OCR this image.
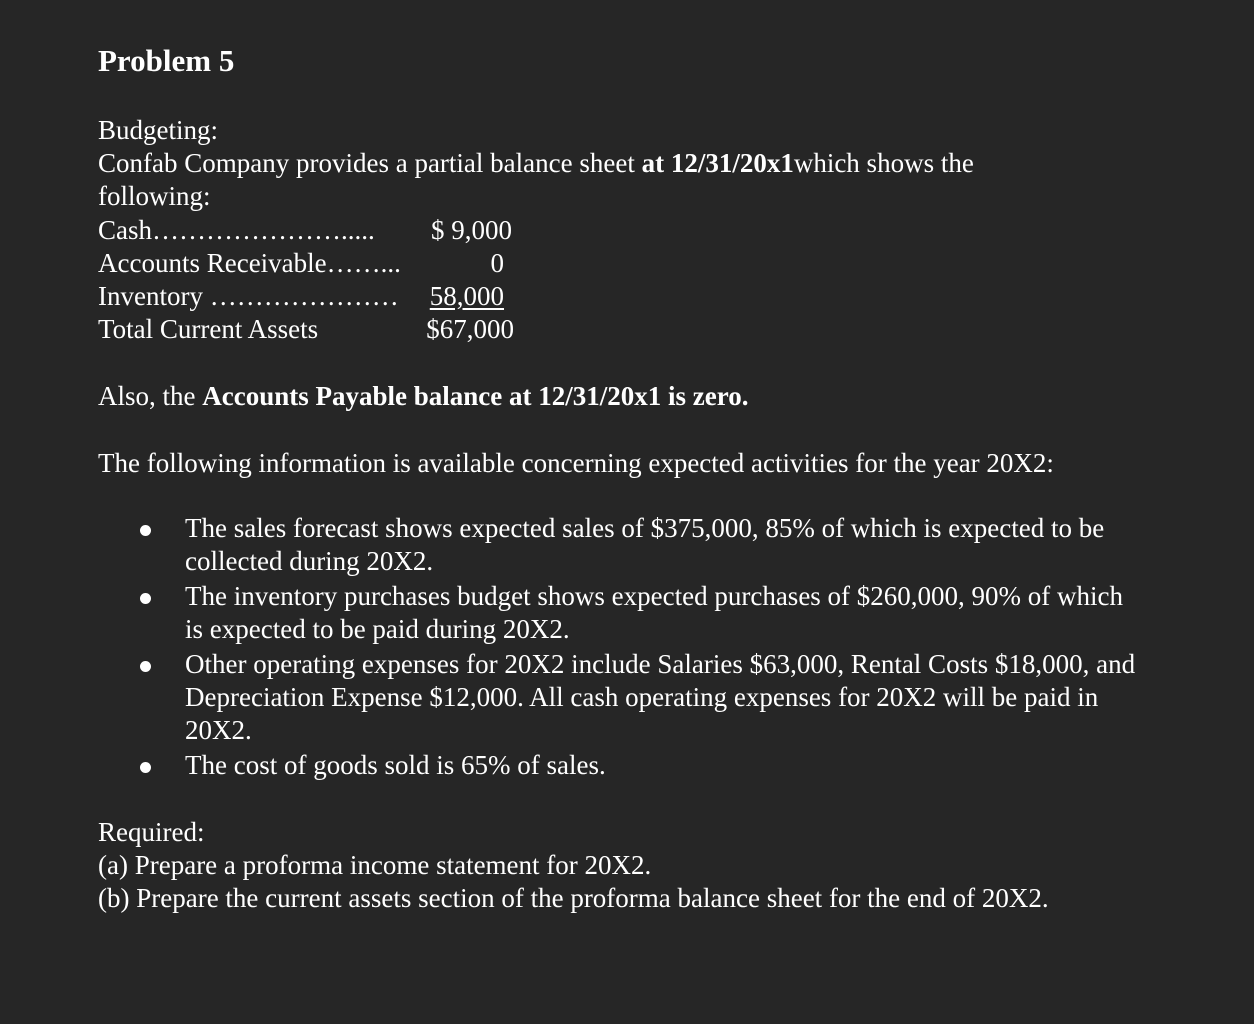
Problem 5
Budgeting:
Confab Company provides a partial balance sheet at 12/31/20x1which shows the
following:
Cash………………….....	$ 9,000
Accounts Receivable……...	0
Inventory …………………	58,000
Total Current Assets	$67,000
Also, the Accounts Payable balance at 12/31/20x1 is zero.
The following information is available concerning expected activities for the year 20X2:
The sales forecast shows expected sales of $375,000, 85% of which is expected to be collected during 20X2.
The inventory purchases budget shows expected purchases of $260,000, 90% of which is expected to be paid during 20X2.
Other operating expenses for 20X2 include Salaries $63,000, Rental Costs $18,000, and Depreciation Expense $12,000. All cash operating expenses for 20X2 will be paid in 20X2.
The cost of goods sold is 65% of sales.
Required:
(a) Prepare a proforma income statement for 20X2.
(b) Prepare the current assets section of the proforma balance sheet for the end of 20X2.
